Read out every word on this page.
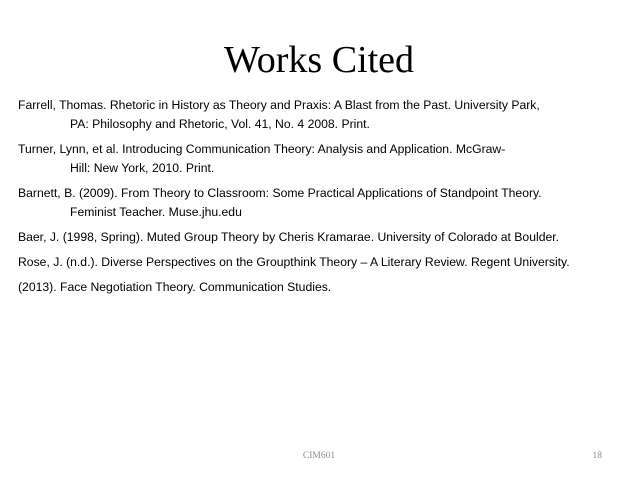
Works Cited

Farrell, Thomas. Rhetoric in History as Theory and Praxis: A Blast from the Past. University Park,
PA: Philosophy and Rhetoric, Vol. 41, No. 4 2008. Print.

Turner, Lynn, et al. Introducing Communication Theory: Analysis and Application. McGraw-
Hill: New York, 2010. Print.

Barnett, B. (2009). From Theory to Classroom: Some Practical Applications of Standpoint Theory.
Feminist Teacher. Muse.jhu.edu

Baer, J. (1998, Spring). Muted Group Theory by Cheris Kramarae. University of Colorado at Boulder.

Rose, J. (n.d.). Diverse Perspectives on the Groupthink Theory – A Literary Review. Regent University.

(2013). Face Negotiation Theory. Communication Studies.

CIM601	18
